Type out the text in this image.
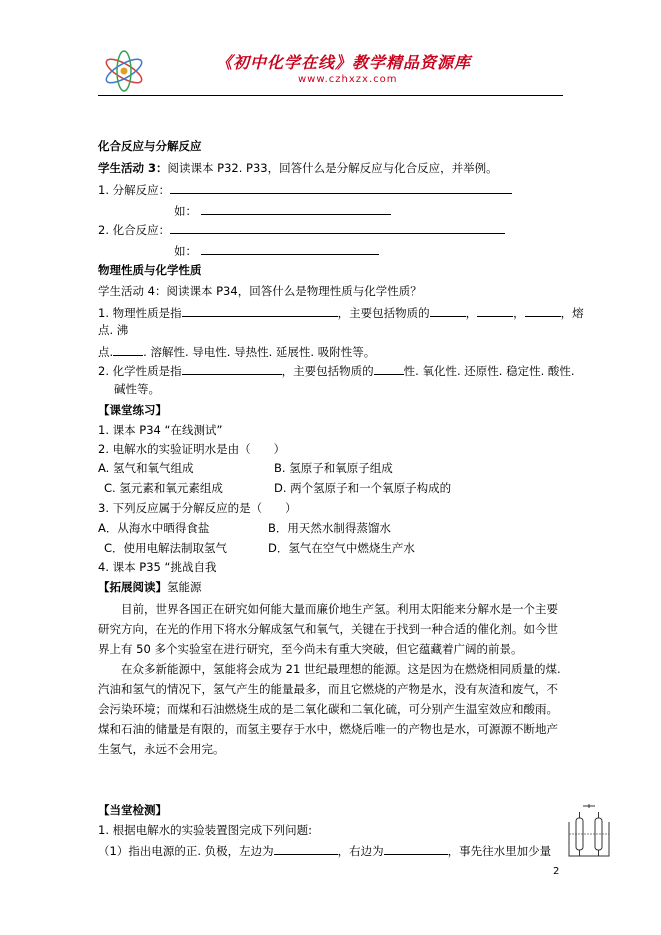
《初中化学在线》教学精品资源库
www.czhxzx.com
化合反应与分解反应
学生活动 3：阅读课本 P32. P33，回答什么是分解反应与化合反应，并举例。
1. 分解反应：
如：
2. 化合反应：
如：
物理性质与化学性质
学生活动 4：阅读课本 P34，回答什么是物理性质与化学性质？
1. 物理性质是指	，主要包括物质的	，	，	，熔
点. 沸
点.	. 溶解性. 导电性. 导热性. 延展性. 吸附性等。
2. 化学性质是指	，主要包括物质的	性. 氧化性. 还原性. 稳定性. 酸性.
碱性等。
【课堂练习】
1. 课本 P34 “在线测试”
2. 电解水的实验证明水是由（　　）
A. 氢气和氧气组成	B. 氢原子和氧原子组成
C. 氢元素和氧元素组成	D. 两个氢原子和一个氧原子构成的
3. 下列反应属于分解反应的是（　　）
A．从海水中晒得食盐	B．用天然水制得蒸馏水
C．使用电解法制取氢气	D．氢气在空气中燃烧生产水
4. 课本 P35 “挑战自我
【拓展阅读】氢能源
目前，世界各国正在研究如何能大量而廉价地生产氢。利用太阳能来分解水是一个主要研究方向，在光的作用下将水分解成氢气和氧气，关键在于找到一种合适的催化剂。如今世界上有 50 多个实验室在进行研究，至今尚未有重大突破，但它蕴藏着广阔的前景。
在众多新能源中，氢能将会成为 21 世纪最理想的能源。这是因为在燃烧相同质量的煤. 汽油和氢气的情况下，氢气产生的能量最多，而且它燃烧的产物是水，没有灰渣和废气，不会污染环境；而煤和石油燃烧生成的是二氧化碳和二氧化硫，可分别产生温室效应和酸雨。煤和石油的储量是有限的，而氢主要存于水中，燃烧后唯一的产物也是水，可源源不断地产生氢气，永远不会用完。
【当堂检测】
1. 根据电解水的实验装置图完成下列问题:
（1）指出电源的正. 负极，左边为	，右边为	，事先往水里加少量
2
